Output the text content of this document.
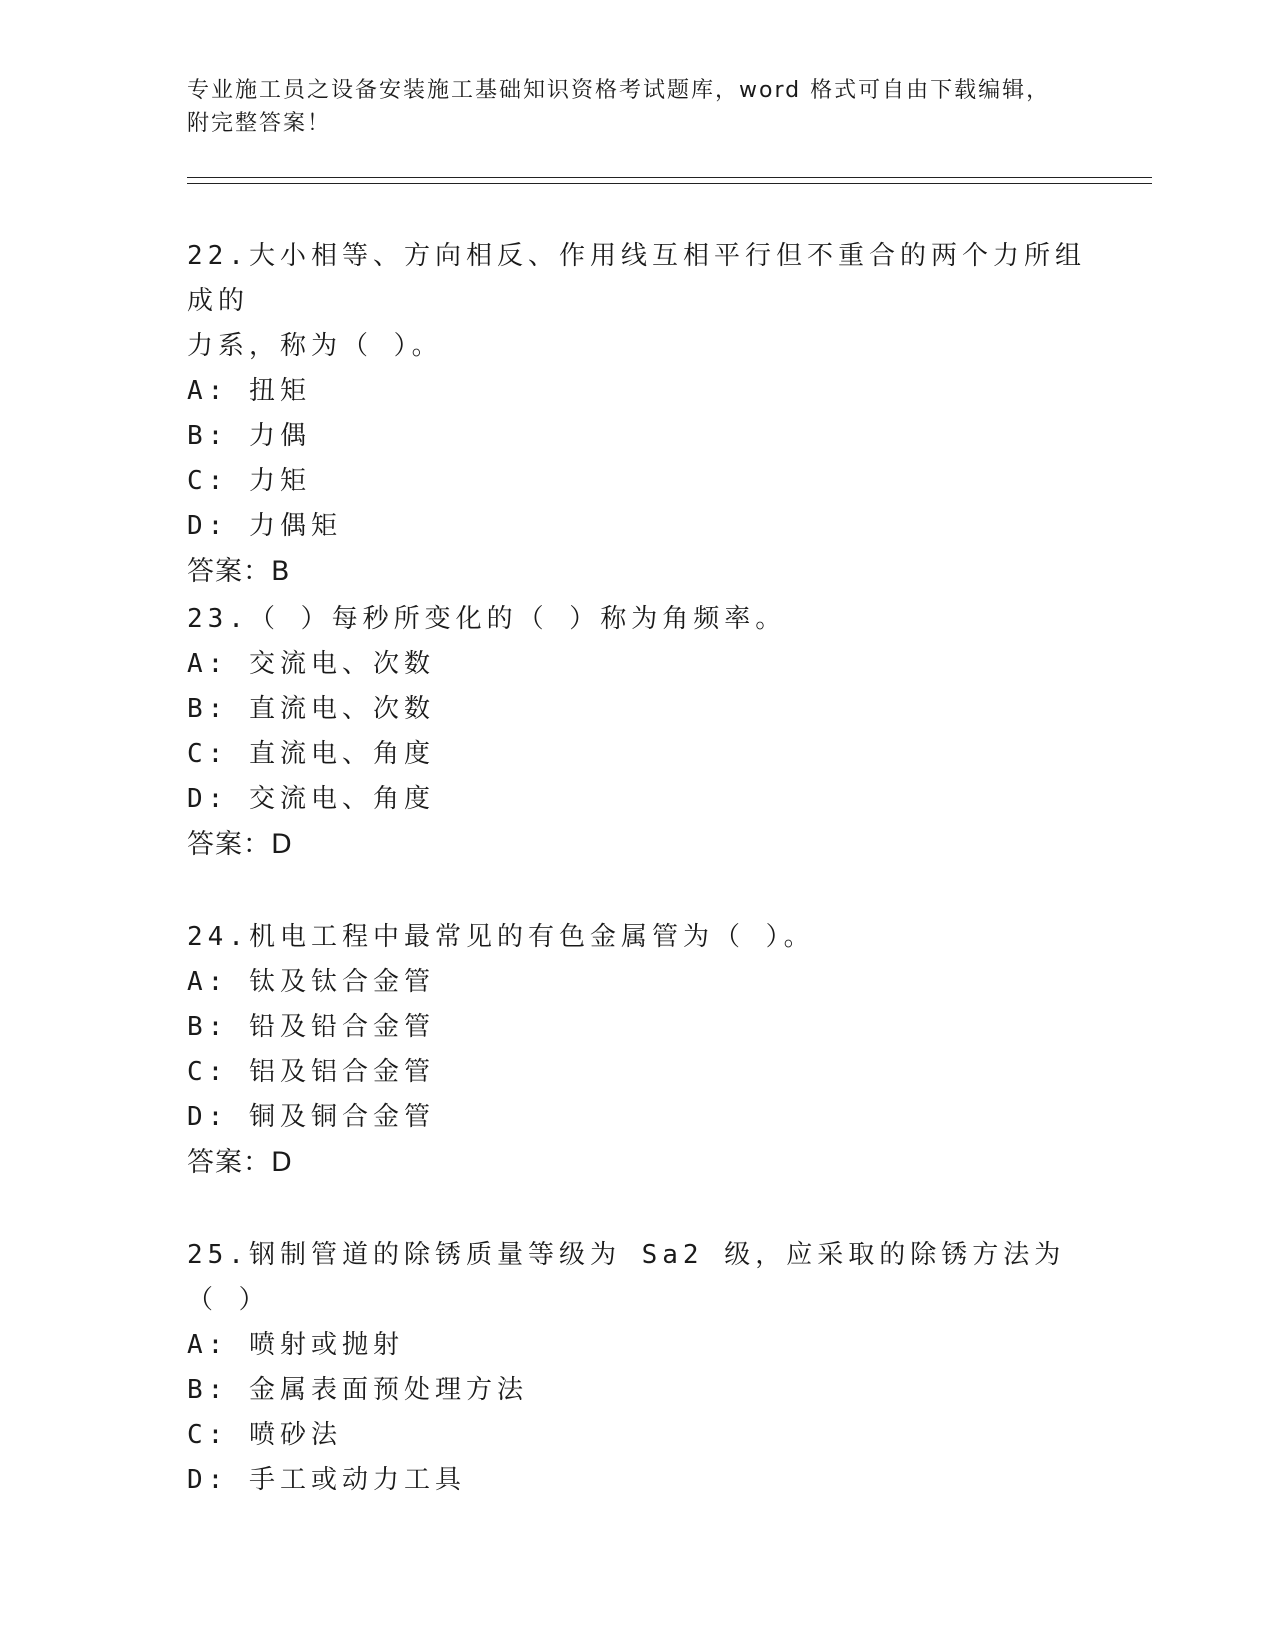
专业施工员之设备安装施工基础知识资格考试题库，word 格式可自由下载编辑，
附完整答案！
22.大小相等、方向相反、作用线互相平行但不重合的两个力所组成的
力系，称为（ ）。
A: 扭矩
B: 力偶
C: 力矩
D: 力偶矩
答案：B
23.（ ）每秒所变化的（ ）称为角频率。
A: 交流电、次数
B: 直流电、次数
C: 直流电、角度
D: 交流电、角度
答案：D
24.机电工程中最常见的有色金属管为（ ）。
A: 钛及钛合金管
B: 铅及铅合金管
C: 铝及铝合金管
D: 铜及铜合金管
答案：D
25.钢制管道的除锈质量等级为 Sa2 级，应采取的除锈方法为（ ）
A: 喷射或抛射
B: 金属表面预处理方法
C: 喷砂法
D: 手工或动力工具
